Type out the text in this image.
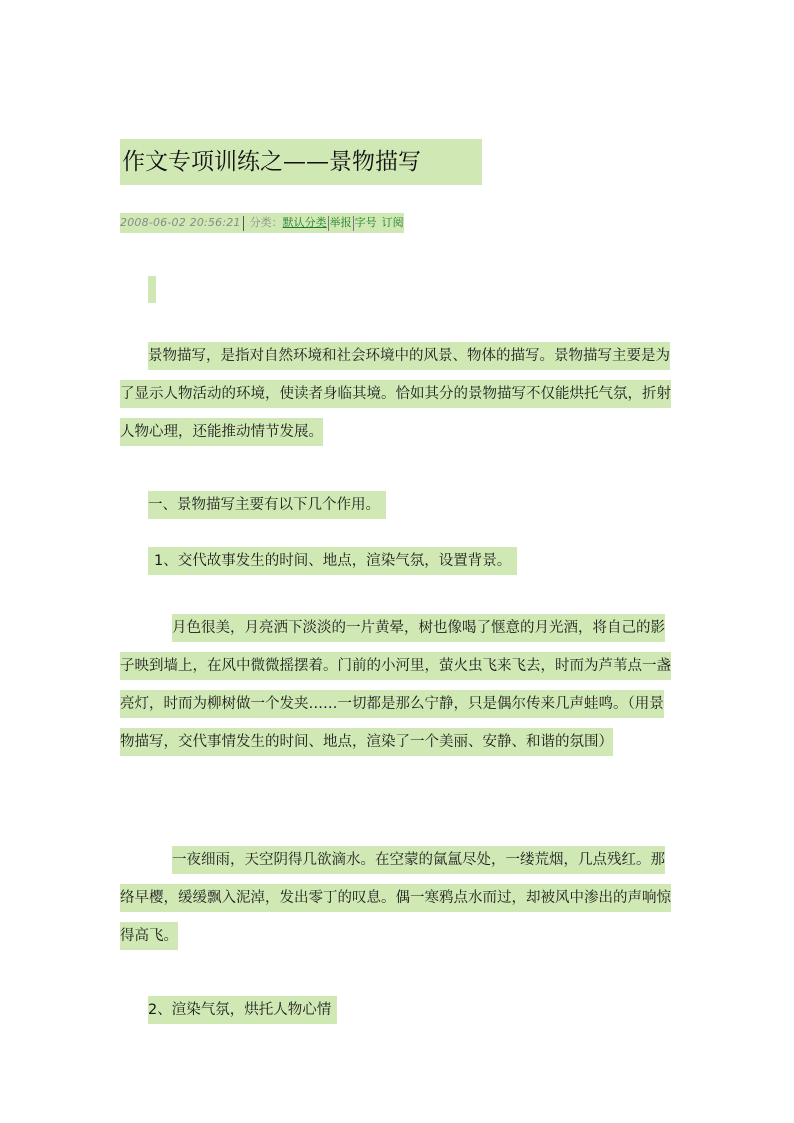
作文专项训练之——景物描写
2008-06-02 20:56:21 分类： 默认分类 举报 字号 订阅

景物描写，是指对自然环境和社会环境中的风景、物体的描写。景物描写主要是为了显示人物活动的环境，使读者身临其境。恰如其分的景物描写不仅能烘托气氛，折射人物心理，还能推动情节发展。

一、景物描写主要有以下几个作用。
1、交代故事发生的时间、地点，渲染气氛，设置背景。

月色很美，月亮洒下淡淡的一片黄晕，树也像喝了惬意的月光酒，将自己的影子映到墙上，在风中微微摇摆着。门前的小河里，萤火虫飞来飞去，时而为芦苇点一盏亮灯，时而为柳树做一个发夹……一切都是那么宁静，只是偶尔传来几声蛙鸣。（用景物描写，交代事情发生的时间、地点，渲染了一个美丽、安静、和谐的氛围）

一夜细雨，天空阴得几欲滴水。在空蒙的氤氲尽处，一缕荒烟，几点残红。那络早樱，缓缓飘入泥淖，发出零丁的叹息。偶一寒鸦点水而过，却被风中渗出的声响惊得高飞。

2、渲染气氛，烘托人物心情
